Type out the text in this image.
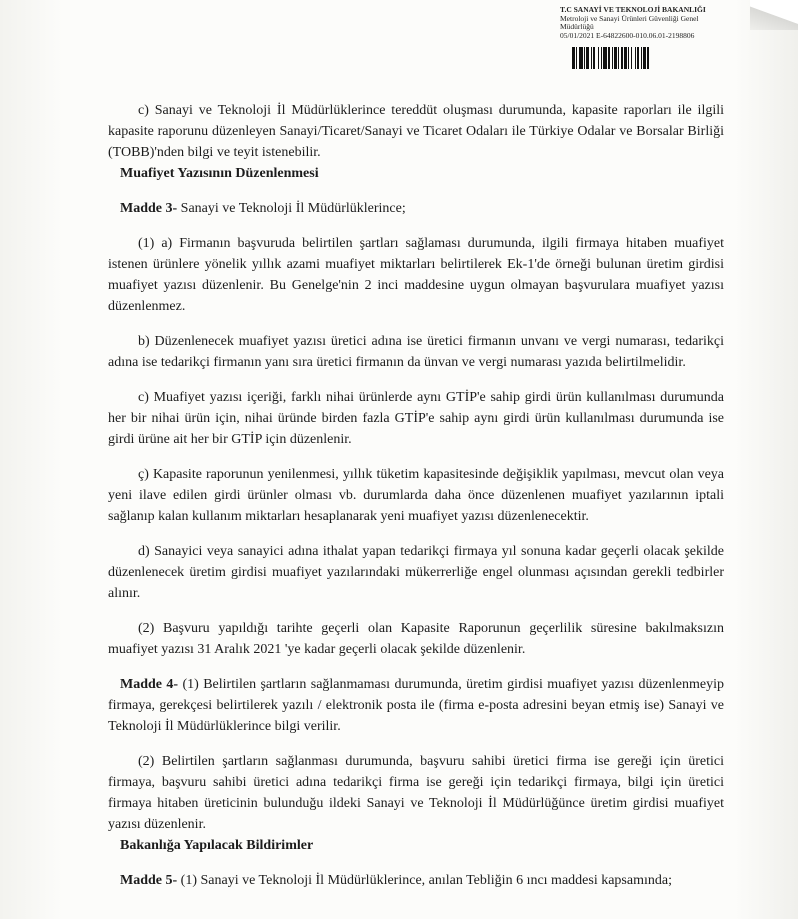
T.C SANAYİ VE TEKNOLOJİ BAKANLIĞI
Metroloji ve Sanayi Ürünleri Güvenliği Genel
Müdürlüğü
05/01/2021 E-64822600-010.06.01-2198806

c) Sanayi ve Teknoloji İl Müdürlüklerince tereddüt oluşması durumunda, kapasite raporları ile ilgili kapasite raporunu düzenleyen Sanayi/Ticaret/Sanayi ve Ticaret Odaları ile Türkiye Odalar ve Borsalar Birliği (TOBB)'nden bilgi ve teyit istenebilir.

Muafiyet Yazısının Düzenlenmesi

Madde 3- Sanayi ve Teknoloji İl Müdürlüklerince;

(1) a) Firmanın başvuruda belirtilen şartları sağlaması durumunda, ilgili firmaya hitaben muafiyet istenen ürünlere yönelik yıllık azami muafiyet miktarları belirtilerek Ek-1'de örneği bulunan üretim girdisi muafiyet yazısı düzenlenir. Bu Genelge'nin 2 inci maddesine uygun olmayan başvurulara muafiyet yazısı düzenlenmez.

b) Düzenlenecek muafiyet yazısı üretici adına ise üretici firmanın unvanı ve vergi numarası, tedarikçi adına ise tedarikçi firmanın yanı sıra üretici firmanın da ünvan ve vergi numarası yazıda belirtilmelidir.

c) Muafiyet yazısı içeriği, farklı nihai ürünlerde aynı GTİP'e sahip girdi ürün kullanılması durumunda her bir nihai ürün için, nihai üründe birden fazla GTİP'e sahip aynı girdi ürün kullanılması durumunda ise girdi ürüne ait her bir GTİP için düzenlenir.

ç) Kapasite raporunun yenilenmesi, yıllık tüketim kapasitesinde değişiklik yapılması, mevcut olan veya yeni ilave edilen girdi ürünler olması vb. durumlarda daha önce düzenlenen muafiyet yazılarının iptali sağlanıp kalan kullanım miktarları hesaplanarak yeni muafiyet yazısı düzenlenecektir.

d) Sanayici veya sanayici adına ithalat yapan tedarikçi firmaya yıl sonuna kadar geçerli olacak şekilde düzenlenecek üretim girdisi muafiyet yazılarındaki mükerrerliğe engel olunması açısından gerekli tedbirler alınır.

(2) Başvuru yapıldığı tarihte geçerli olan Kapasite Raporunun geçerlilik süresine bakılmaksızın muafiyet yazısı 31 Aralık 2021 'ye kadar geçerli olacak şekilde düzenlenir.

Madde 4- (1) Belirtilen şartların sağlanmaması durumunda, üretim girdisi muafiyet yazısı düzenlenmeyip firmaya, gerekçesi belirtilerek yazılı / elektronik posta ile (firma e-posta adresini beyan etmiş ise) Sanayi ve Teknoloji İl Müdürlüklerince bilgi verilir.

(2) Belirtilen şartların sağlanması durumunda, başvuru sahibi üretici firma ise gereği için üretici firmaya, başvuru sahibi üretici adına tedarikçi firma ise gereği için tedarikçi firmaya, bilgi için üretici firmaya hitaben üreticinin bulunduğu ildeki Sanayi ve Teknoloji İl Müdürlüğünce üretim girdisi muafiyet yazısı düzenlenir.

Bakanlığa Yapılacak Bildirimler

Madde 5- (1) Sanayi ve Teknoloji İl Müdürlüklerince, anılan Tebliğin 6 ıncı maddesi kapsamında;
